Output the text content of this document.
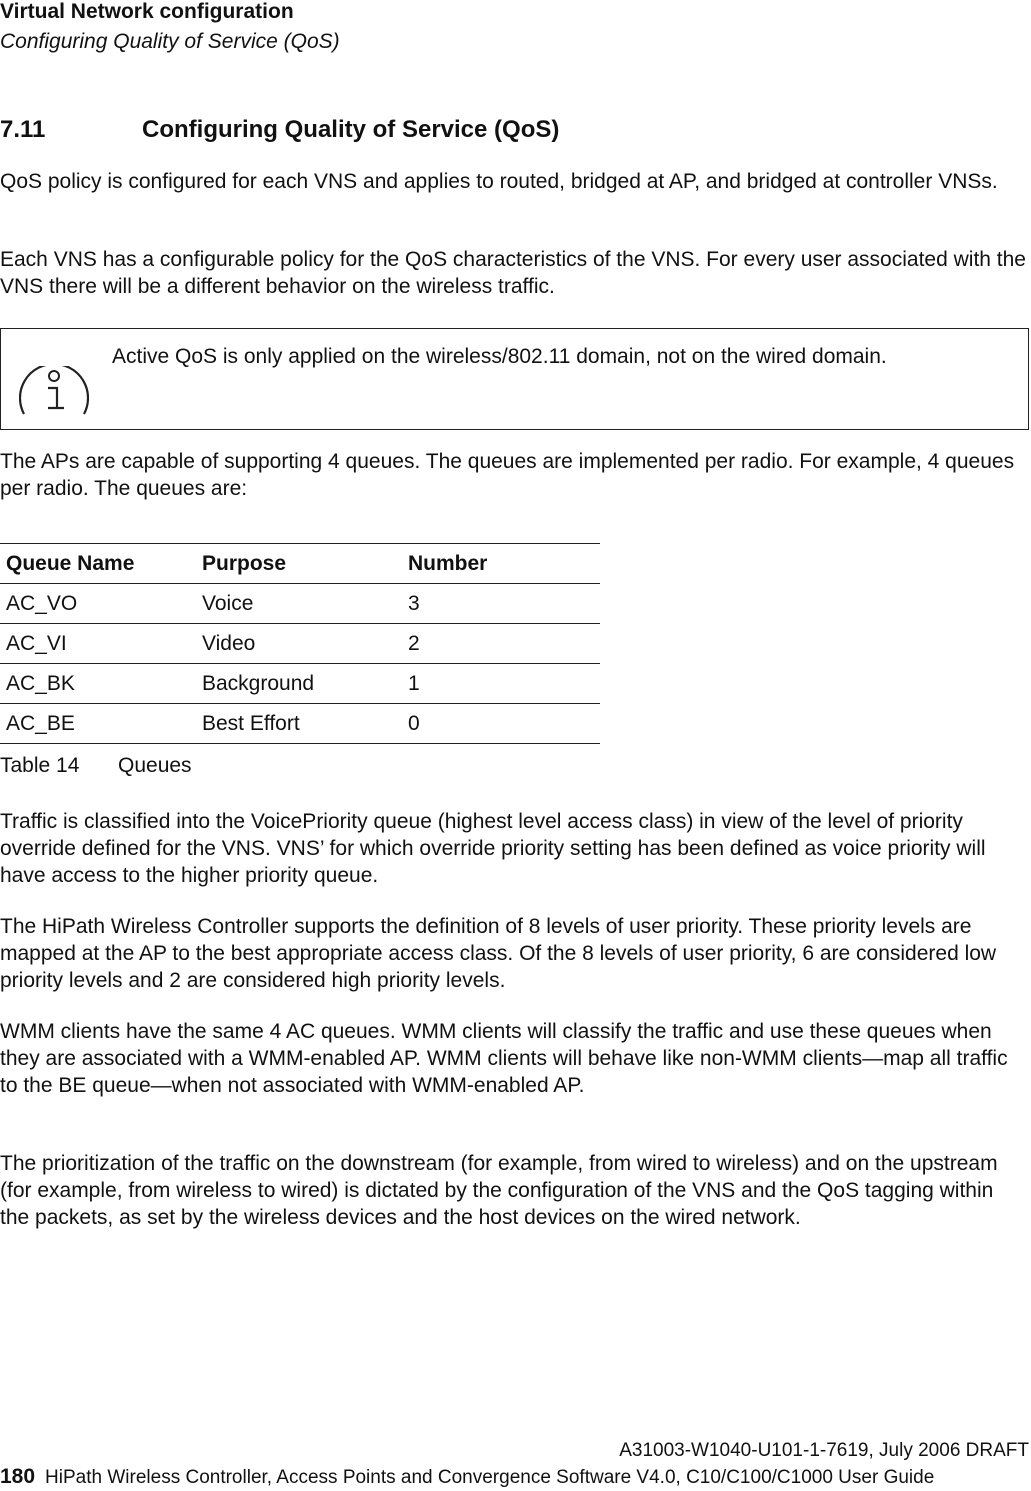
Virtual Network configuration
Configuring Quality of Service (QoS)
7.11	Configuring Quality of Service (QoS)

QoS policy is configured for each VNS and applies to routed, bridged at AP, and bridged at controller VNSs.

Each VNS has a configurable policy for the QoS characteristics of the VNS. For every user associated with the VNS there will be a different behavior on the wireless traffic.

Active QoS is only applied on the wireless/802.11 domain, not on the wired domain.

The APs are capable of supporting 4 queues. The queues are implemented per radio. For example, 4 queues per radio. The queues are:

Queue Name	Purpose	Number
AC_VO	Voice	3
AC_VI	Video	2
AC_BK	Background	1
AC_BE	Best Effort	0
Table 14 Queues

Traffic is classified into the VoicePriority queue (highest level access class) in view of the level of priority override defined for the VNS. VNS’ for which override priority setting has been defined as voice priority will have access to the higher priority queue.

The HiPath Wireless Controller supports the definition of 8 levels of user priority. These priority levels are mapped at the AP to the best appropriate access class. Of the 8 levels of user priority, 6 are considered low priority levels and 2 are considered high priority levels.

WMM clients have the same 4 AC queues. WMM clients will classify the traffic and use these queues when they are associated with a WMM-enabled AP. WMM clients will behave like non-WMM clients—map all traffic to the BE queue—when not associated with WMM-enabled AP.

The prioritization of the traffic on the downstream (for example, from wired to wireless) and on the upstream (for example, from wireless to wired) is dictated by the configuration of the VNS and the QoS tagging within the packets, as set by the wireless devices and the host devices on the wired network.

A31003-W1040-U101-1-7619, July 2006 DRAFT
180 HiPath Wireless Controller, Access Points and Convergence Software V4.0, C10/C100/C1000 User Guide
